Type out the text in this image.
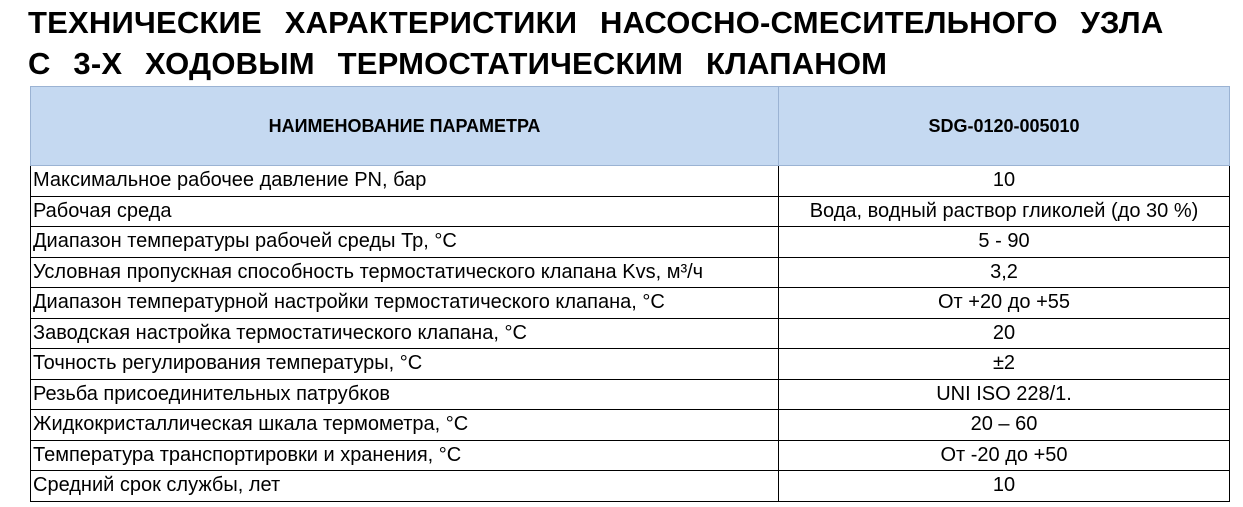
ТЕХНИЧЕСКИЕ ХАРАКТЕРИСТИКИ НАСОСНО-СМЕСИТЕЛЬНОГО УЗЛА
С 3-Х ХОДОВЫМ ТЕРМОСТАТИЧЕСКИМ КЛАПАНОМ
НАИМЕНОВАНИЕ ПАРАМЕТРА	SDG-0120-005010
Максимальное рабочее давление PN, бар	10
Рабочая среда	Вода, водный раствор гликолей (до 30 %)
Диапазон температуры рабочей среды Тр, °С	5 - 90
Условная пропускная способность термостатического клапана Kvs, м³/ч	3,2
Диапазон температурной настройки термостатического клапана, °С	От +20 до +55
Заводская настройка термостатического клапана, °С	20
Точность регулирования температуры, °С	±2
Резьба присоединительных патрубков	UNI ISO 228/1.
Жидкокристаллическая шкала термометра, °С	20 – 60
Температура транспортировки и хранения, °С	От -20 до +50
Средний срок службы, лет	10
